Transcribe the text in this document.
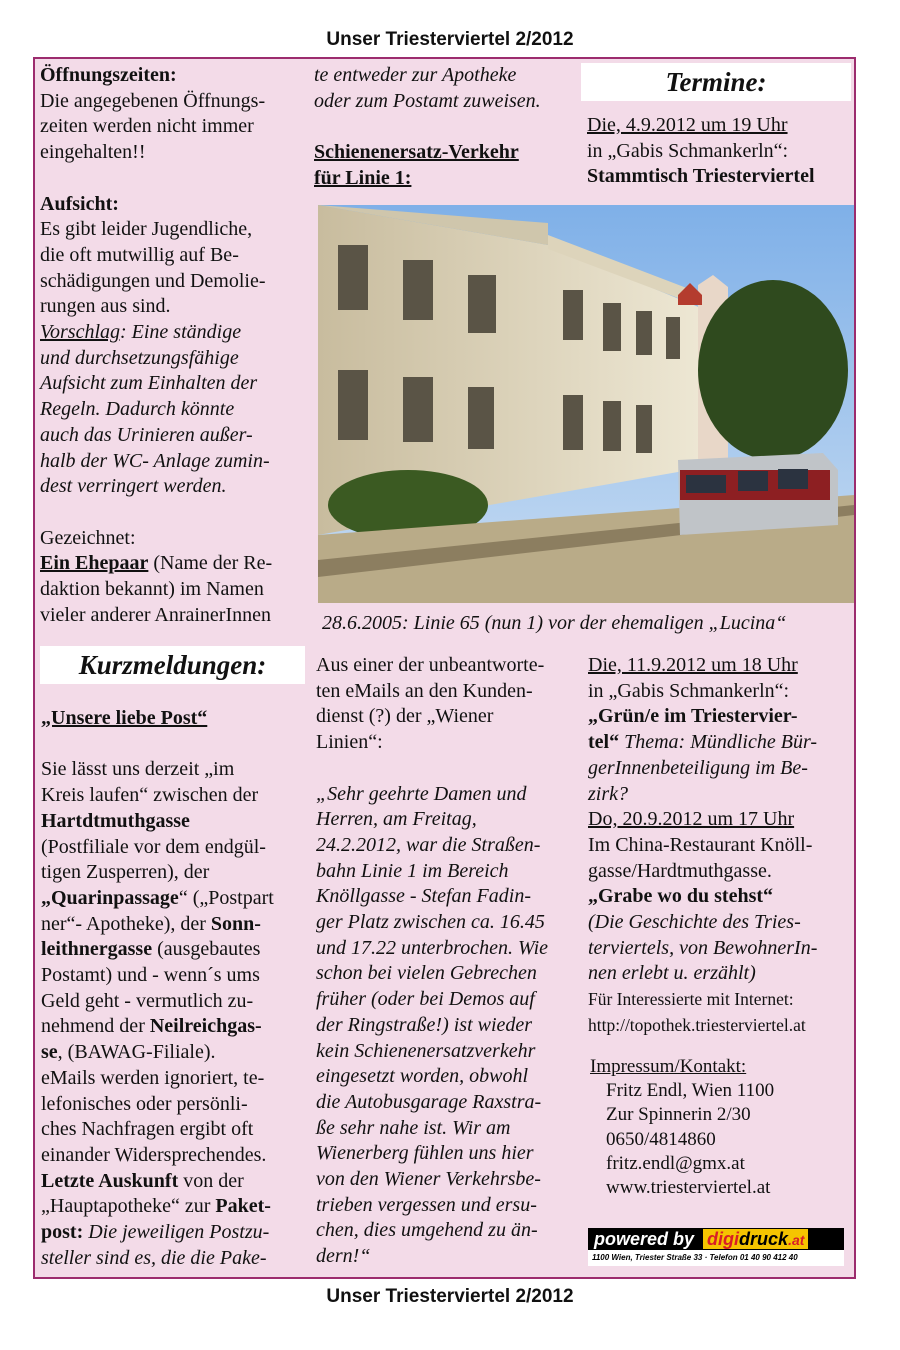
Unser Triesterviertel 2/2012

Öffnungszeiten:

Die angegebenen Öffnungs-

zeiten werden nicht immer

eingehalten!!

Aufsicht:

Es gibt leider Jugendliche,

die oft mutwillig auf Be-

schädigungen und Demolie-

rungen aus sind.

Vorschlag: Eine ständige

und durchsetzungsfähige

Aufsicht zum Einhalten der

Regeln. Dadurch könnte

auch das Urinieren außer-

halb der WC- Anlage zumin-

dest verringert werden.

Gezeichnet:

Ein Ehepaar (Name der Re-

daktion bekannt) im Namen

vieler anderer AnrainerInnen

Kurzmeldungen:

„Unsere liebe Post“

Sie lässt uns derzeit „im

Kreis laufen“ zwischen der

Hartdtmuthgasse

(Postfiliale vor dem endgül-

tigen Zusperren), der

„Quarinpassage“ („Postpart

ner“- Apotheke), der Sonn-

leithnergasse (ausgebautes

Postamt) und - wenn´s ums

Geld geht - vermutlich zu-

nehmend der Neilreichgas-

se, (BAWAG-Filiale).

eMails werden ignoriert, te-

lefonisches oder persönli-

ches Nachfragen ergibt oft

einander Widersprechendes.

Letzte Auskunft von der

„Hauptapotheke“ zur Paket-

post: Die jeweiligen Postzu-

steller sind es, die die Pake-

te entweder zur Apotheke

oder zum Postamt zuweisen.

Schienenersatz-Verkehr

für Linie 1:

Termine:

Die, 4.9.2012 um 19 Uhr

in „Gabis Schmankerln“:

Stammtisch Triesterviertel

28.6.2005: Linie 65 (nun 1) vor der ehemaligen „Lucina“

Aus einer der unbeantworte-

ten eMails an den Kunden-

dienst (?) der „Wiener

Linien“:

„Sehr geehrte Damen und

Herren, am Freitag,

24.2.2012, war die Straßen-

bahn Linie 1 im Bereich

Knöllgasse - Stefan Fadin-

ger Platz zwischen ca. 16.45

und 17.22 unterbrochen. Wie

schon bei vielen Gebrechen

früher (oder bei Demos auf

der Ringstraße!) ist wieder

kein Schienenersatzverkehr

eingesetzt worden, obwohl

die Autobusgarage Raxstra-

ße sehr nahe ist. Wir am

Wienerberg fühlen uns hier

von den Wiener Verkehrsbe-

trieben vergessen und ersu-

chen, dies umgehend zu än-

dern!“

Die, 11.9.2012 um 18 Uhr

in „Gabis Schmankerln“:

„Grün/e im Triestervier-

tel“ Thema: Mündliche Bür-

gerInnenbeteiligung im Be-

zirk?

Do, 20.9.2012 um 17 Uhr

Im China-Restaurant Knöll-

gasse/Hardtmuthgasse.

„Grabe wo du stehst“

(Die Geschichte des Tries-

terviertels, von BewohnerIn-

nen erlebt u. erzählt)

Für Interessierte mit Internet:

http://topothek.triesterviertel.at

Impressum/Kontakt:

Fritz Endl, Wien 1100

Zur Spinnerin 2/30

0650/4814860

fritz.endl@gmx.at

www.triesterviertel.at

powered by digidruck.at
1100 Wien, Triester Straße 33 · Telefon 01 40 90 412 40
Unser Triesterviertel 2/2012
